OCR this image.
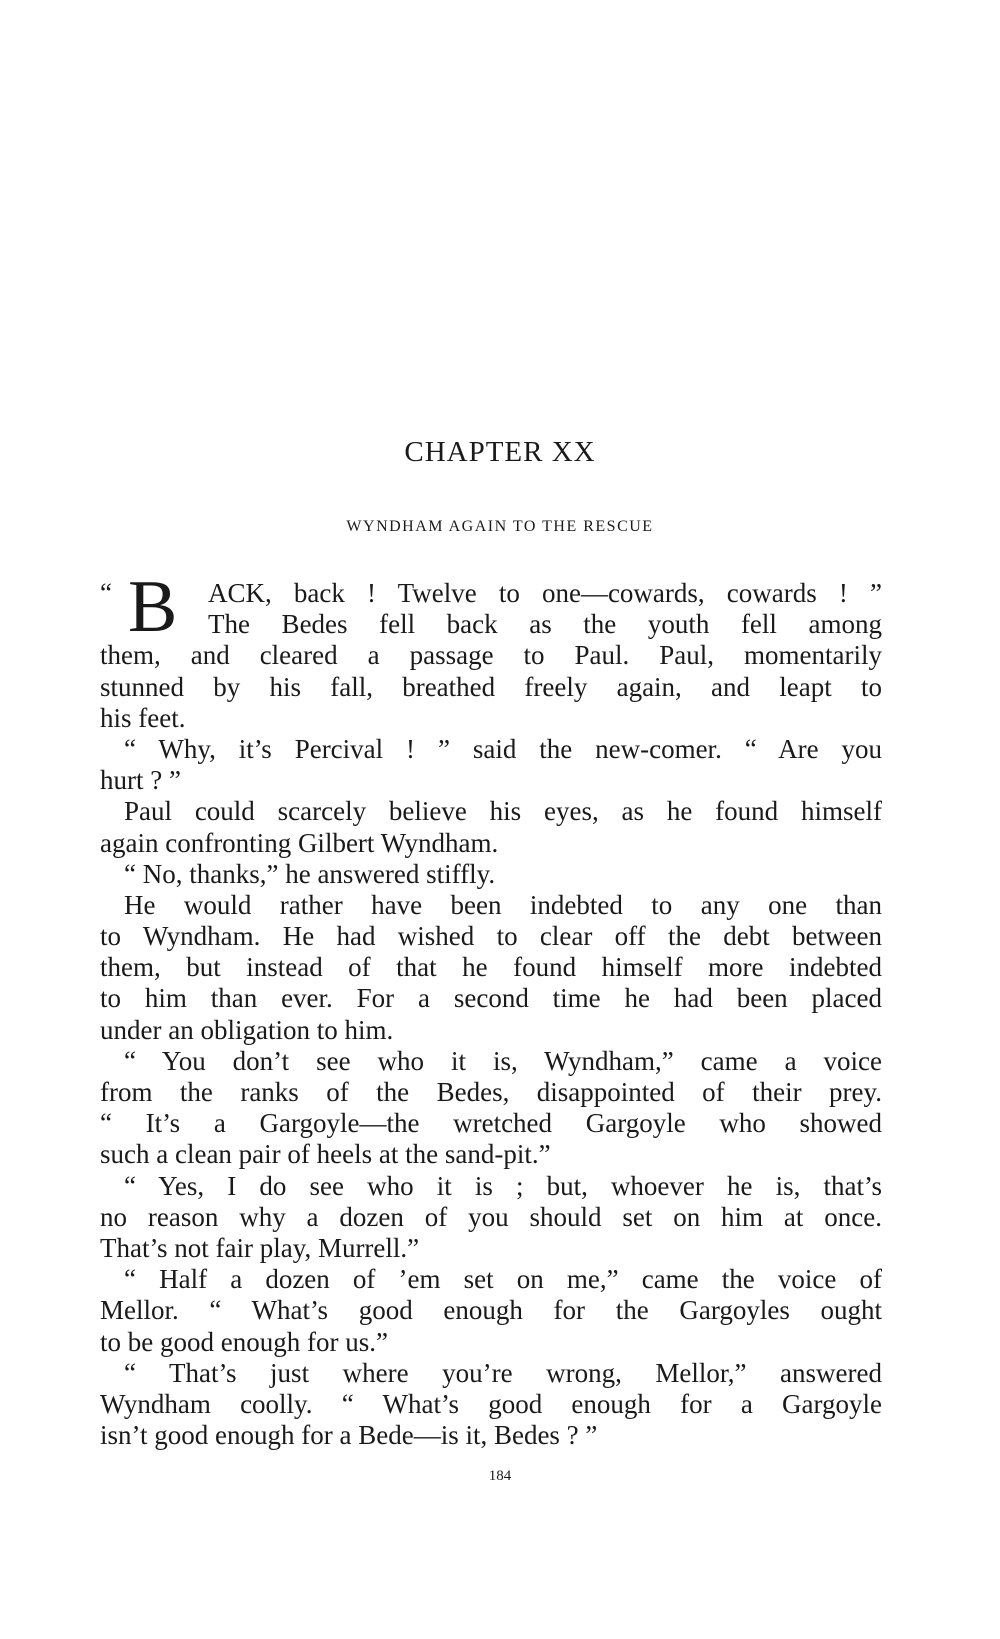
CHAPTER XX
WYNDHAM AGAIN TO THE RESCUE
“ B ACK, back ! Twelve to one—cowards, cowards ! ”
The Bedes fell back as the youth fell among
them, and cleared a passage to Paul. Paul, momentarily
stunned by his fall, breathed freely again, and leapt to
his feet.
“ Why, it’s Percival ! ” said the new-comer. “ Are you
hurt ? ”
Paul could scarcely believe his eyes, as he found himself
again confronting Gilbert Wyndham.
“ No, thanks,” he answered stiffly.
He would rather have been indebted to any one than
to Wyndham. He had wished to clear off the debt between
them, but instead of that he found himself more indebted
to him than ever. For a second time he had been placed
under an obligation to him.
“ You don’t see who it is, Wyndham,” came a voice
from the ranks of the Bedes, disappointed of their prey.
“ It’s a Gargoyle—the wretched Gargoyle who showed
such a clean pair of heels at the sand-pit.”
“ Yes, I do see who it is ; but, whoever he is, that’s
no reason why a dozen of you should set on him at once.
That’s not fair play, Murrell.”
“ Half a dozen of ’em set on me,” came the voice of
Mellor. “ What’s good enough for the Gargoyles ought
to be good enough for us.”
“ That’s just where you’re wrong, Mellor,” answered
Wyndham coolly. “ What’s good enough for a Gargoyle
isn’t good enough for a Bede—is it, Bedes ? ”

184
